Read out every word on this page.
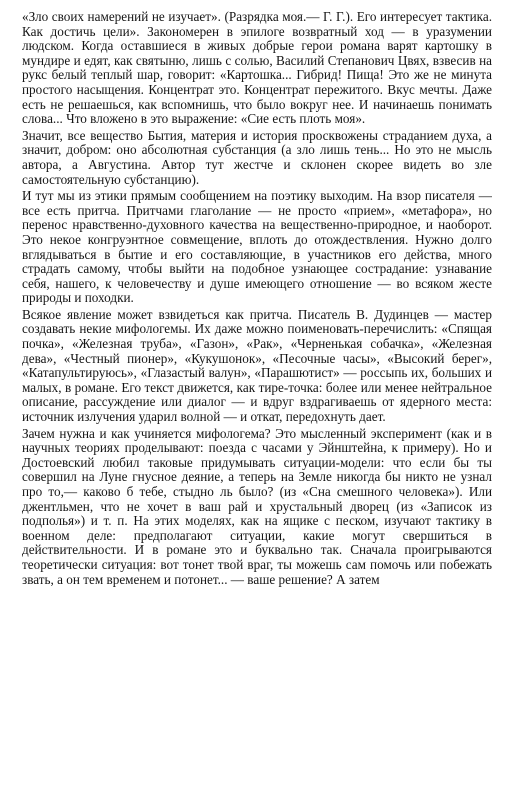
«Зло своих намерений не изучает». (Разрядка моя.— Г. Г.). Его интересует тактика. Как достичь цели». Закономерен в эпилоге возвратный ход — в уразумении людском. Когда оставшиеся в живых добрые герои романа варят картошку в мундире и едят, как святыню, лишь с солью, Василий Степанович Цвях, взвесив на рукс белый теплый шар, говорит: «Картошка... Гибрид! Пища! Это же не минута простого насыщения. Концентрат это. Концентрат пережитого. Вкус мечты. Даже есть не решаешься, как вспомнишь, что было вокруг нее. И начинаешь понимать слова... Что вложено в это выражение: «Сие есть плоть моя».

Значит, все вещество Бытия, материя и история просквожены страданием духа, а значит, добром: оно абсолютная субстанция (а зло лишь тень... Но это не мысль автора, а Августина. Автор тут жестче и склонен скорее видеть во зле самостоятельную субстанцию).

И тут мы из этики прямым сообщением на поэтику выходим. На взор писателя — все есть притча. Притчами глаголание — не просто «прием», «метафора», но перенос нравственно-духовного качества на вещественно-природное, и наоборот. Это некое конгруэнтное совмещение, вплоть до отождествления. Нужно долго вглядываться в бытие и его составляющие, в участников его действа, много страдать самому, чтобы выйти на подобное узнающее сострадание: узнавание себя, нашего, к человечеству и душе имеющего отношение — во всяком жесте природы и походки.

Всякое явление может взвидеться как притча. Писатель В. Дудинцев — мастер создавать некие мифологемы. Их даже можно поименовать-перечислить: «Спящая почка», «Железная труба», «Газон», «Рак», «Черненькая собачка», «Железная дева», «Честный пионер», «Кукушонок», «Песочные часы», «Высокий берег», «Катапультируюсь», «Глазастый валун», «Парашютист» — россыпь их, больших и малых, в романе. Его текст движется, как тире-точка: более или менее нейтральное описание, рассуждение или диалог — и вдруг вздрагиваешь от ядерного места: источник излучения ударил волной — и откат, передохнуть дает.

Зачем нужна и как учиняется мифологема? Это мысленный эксперимент (как и в научных теориях проделывают: поезда с часами у Эйнштейна, к примеру). Но и Достоевский любил таковые придумывать ситуации-модели: что если бы ты совершил на Луне гнусное деяние, а теперь на Земле никогда бы никто не узнал про то,— каково б тебе, стыдно ль было? (из «Сна смешного человека»). Или джентльмен, что не хочет в ваш рай и хрустальный дворец (из «Записок из подполья») и т. п. На этих моделях, как на ящике с песком, изучают тактику в военном деле: предполагают ситуации, какие могут свершиться в действительности. И в романе это и буквально так. Сначала проигрываются теоретически ситуация: вот тонет твой враг, ты можешь сам помочь или побежать звать, а он тем временем и потонет... — ваше решение? А затем
